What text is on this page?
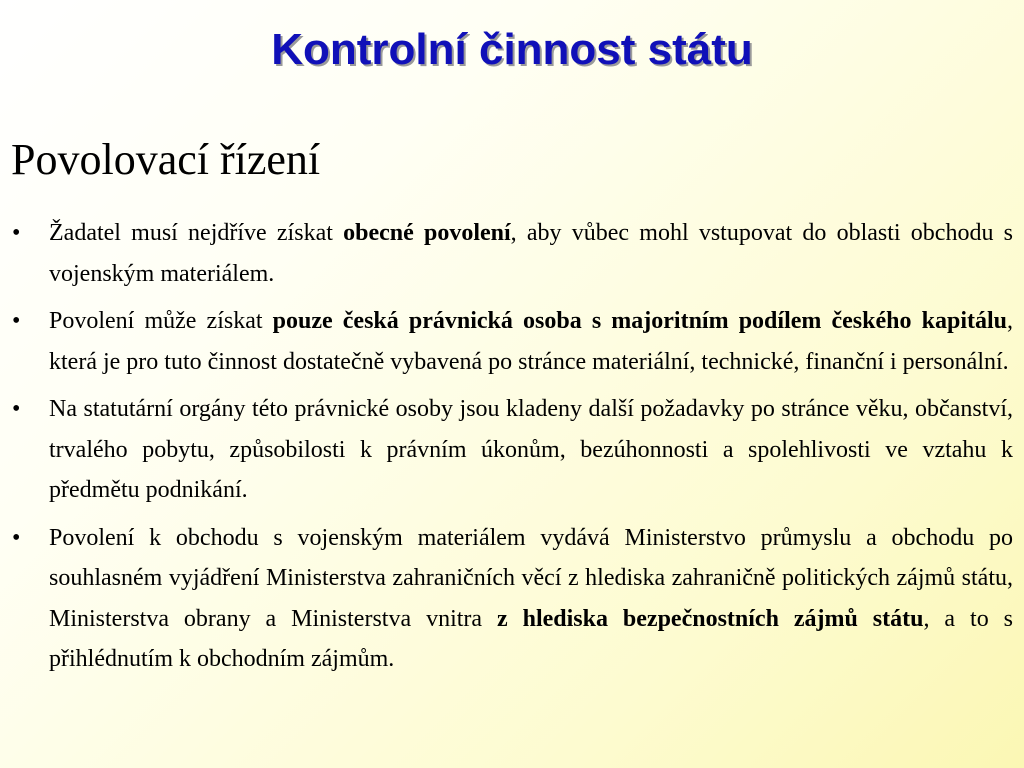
Kontrolní činnost státu
Povolovací řízení
• Žadatel musí nejdříve získat obecné povolení, aby vůbec mohl vstupovat do oblasti obchodu s vojenským materiálem.
• Povolení může získat pouze česká právnická osoba s majoritním podílem českého kapitálu, která je pro tuto činnost dostatečně vybavená po stránce materiální, technické, finanční i personální.
• Na statutární orgány této právnické osoby jsou kladeny další požadavky po stránce věku, občanství, trvalého pobytu, způsobilosti k právním úkonům, bezúhonnosti a spolehlivosti ve vztahu k předmětu podnikání.
• Povolení k obchodu s vojenským materiálem vydává Ministerstvo průmyslu a obchodu po souhlasném vyjádření Ministerstva zahraničních věcí z hlediska zahraničně politických zájmů státu, Ministerstva obrany a Ministerstva vnitra z hlediska bezpečnostních zájmů státu, a to s přihlédnutím k obchodním zájmům.
